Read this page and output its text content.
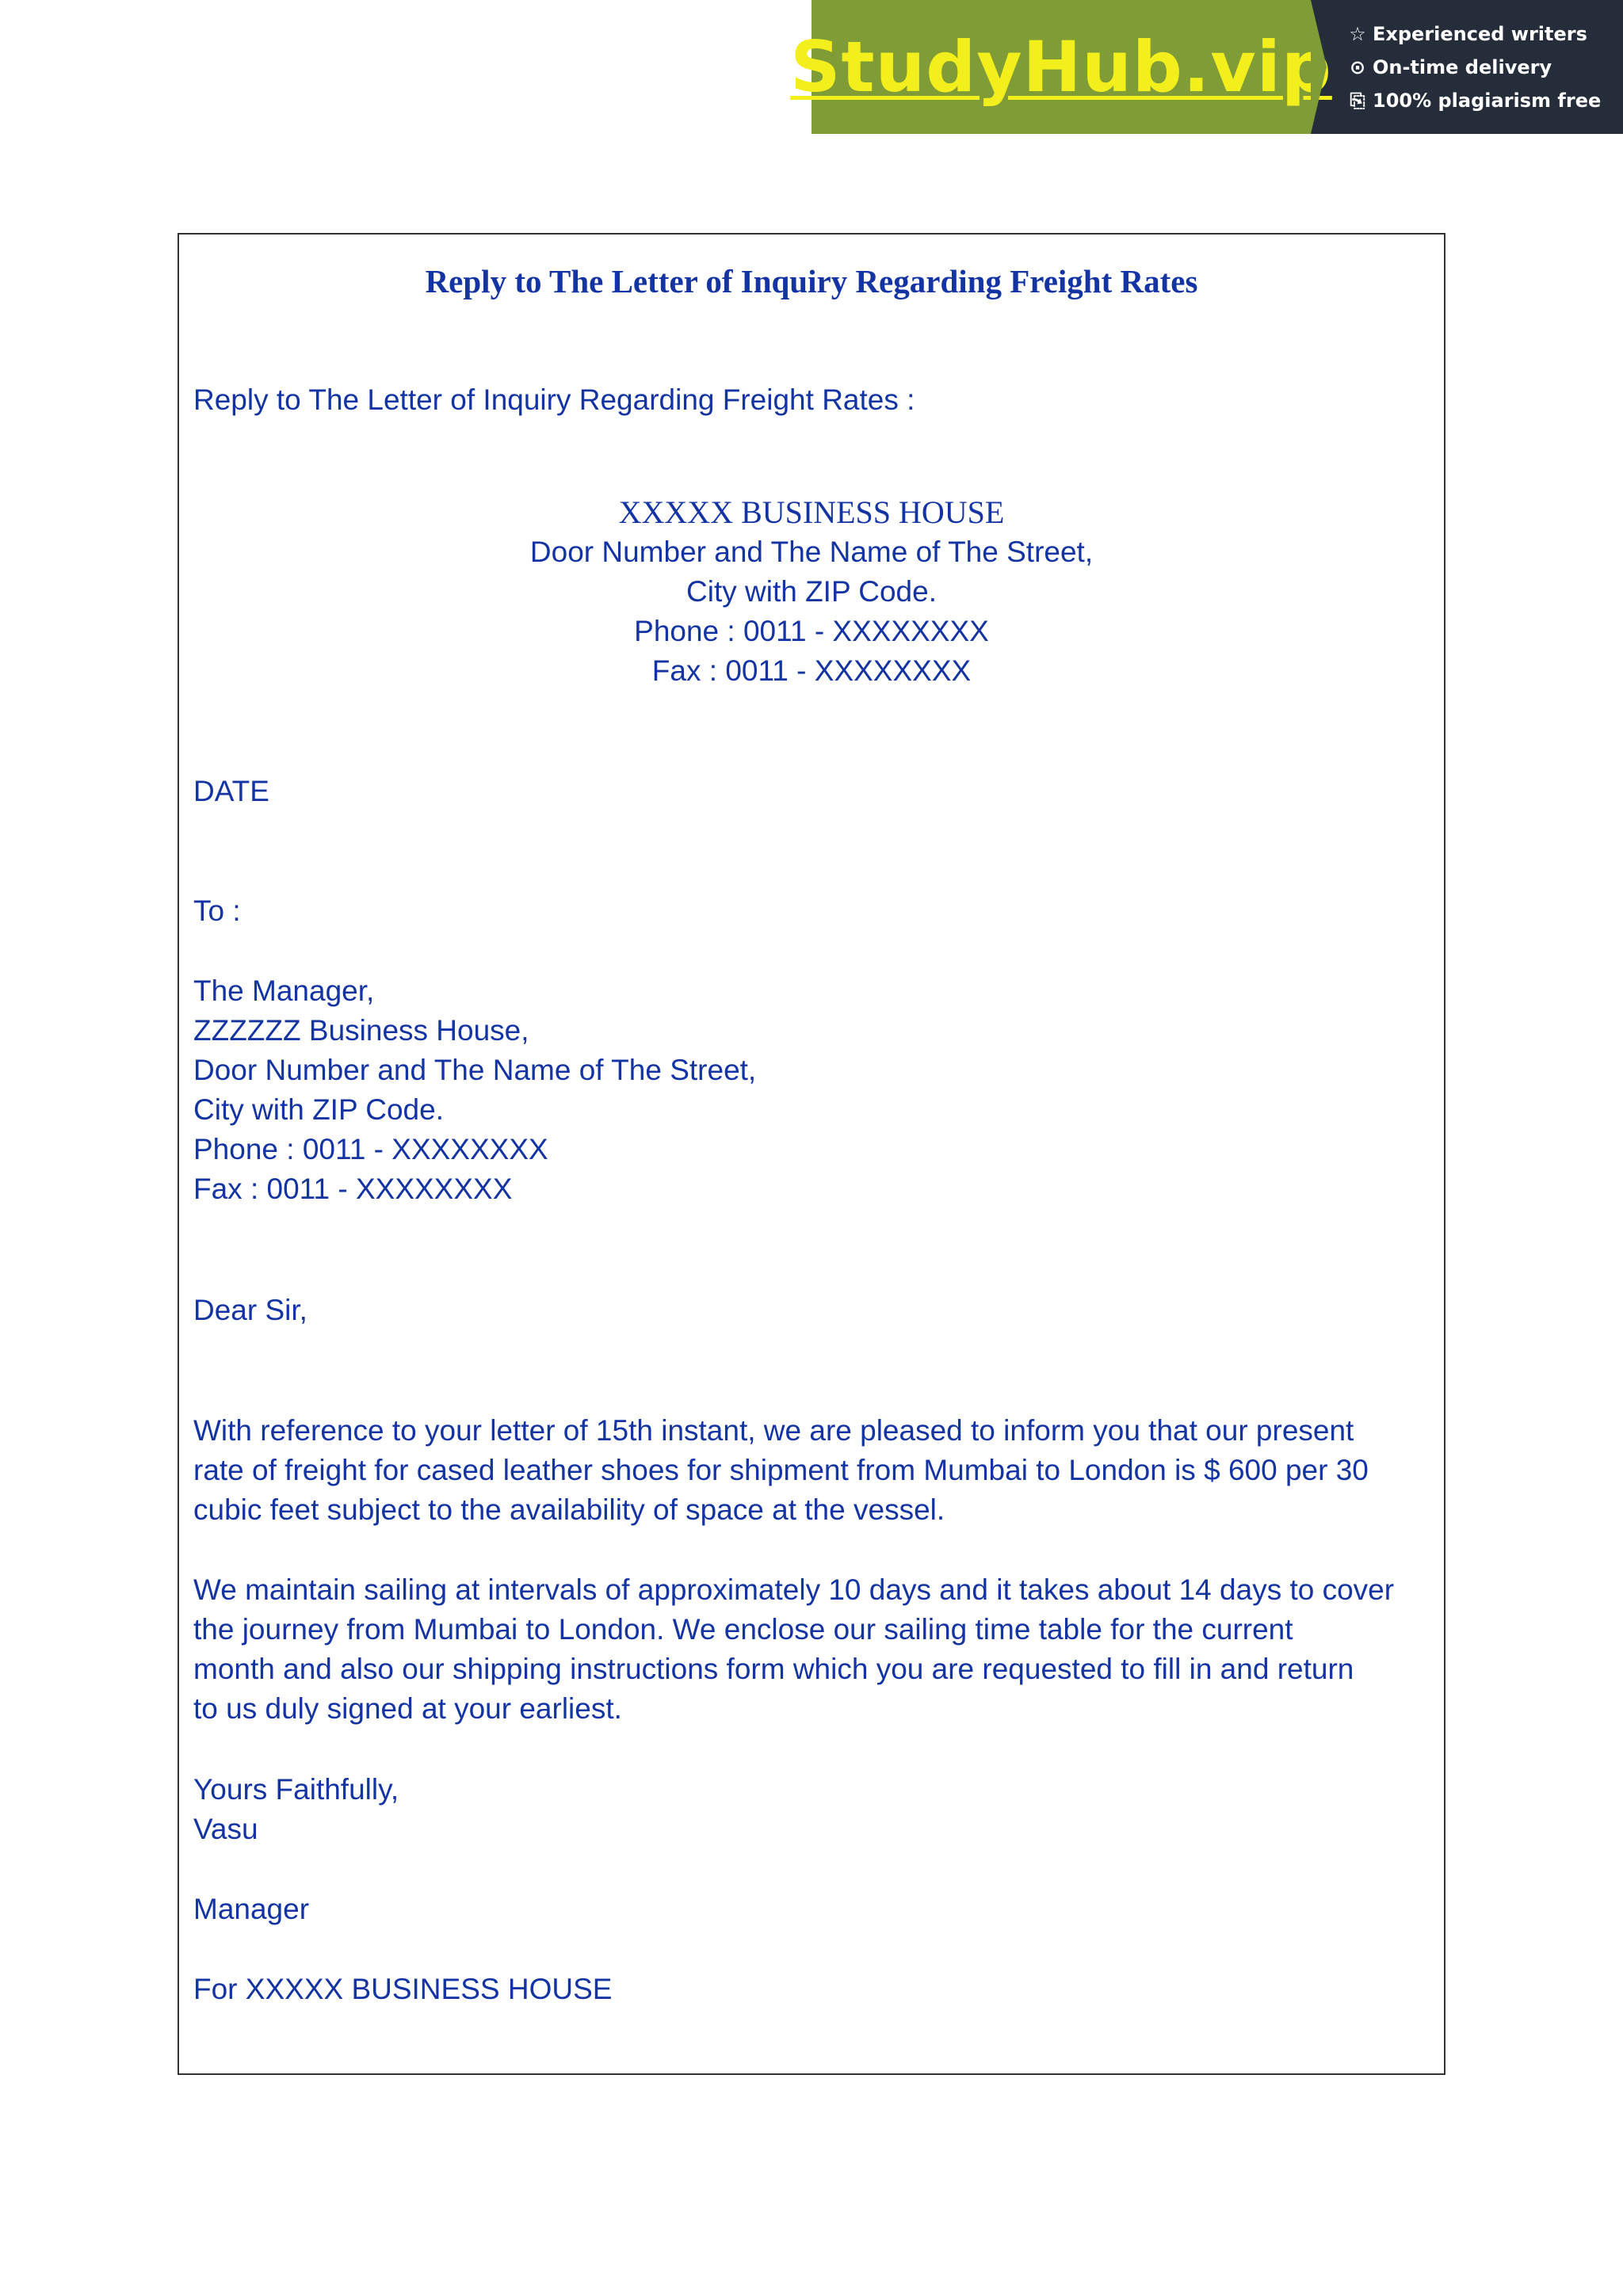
StudyHub.vip ☆ Experienced writers
⊙ On-time delivery
⎘ 100% plagiarism free
Reply to The Letter of Inquiry Regarding Freight Rates
Reply to The Letter of Inquiry Regarding Freight Rates :
XXXXX BUSINESS HOUSE
Door Number and The Name of The Street,
City with ZIP Code.
Phone : 0011 - XXXXXXXX
Fax : 0011 - XXXXXXXX
DATE
To :
The Manager,
ZZZZZZ Business House,
Door Number and The Name of The Street,
City with ZIP Code.
Phone : 0011 - XXXXXXXX
Fax : 0011 - XXXXXXXX
Dear Sir,
With reference to your letter of 15th instant, we are pleased to inform you that our present
rate of freight for cased leather shoes for shipment from Mumbai to London is $ 600 per 30
cubic feet subject to the availability of space at the vessel.
We maintain sailing at intervals of approximately 10 days and it takes about 14 days to cover
the journey from Mumbai to London. We enclose our sailing time table for the current
month and also our shipping instructions form which you are requested to fill in and return
to us duly signed at your earliest.
Yours Faithfully,
Vasu
Manager
For XXXXX BUSINESS HOUSE
